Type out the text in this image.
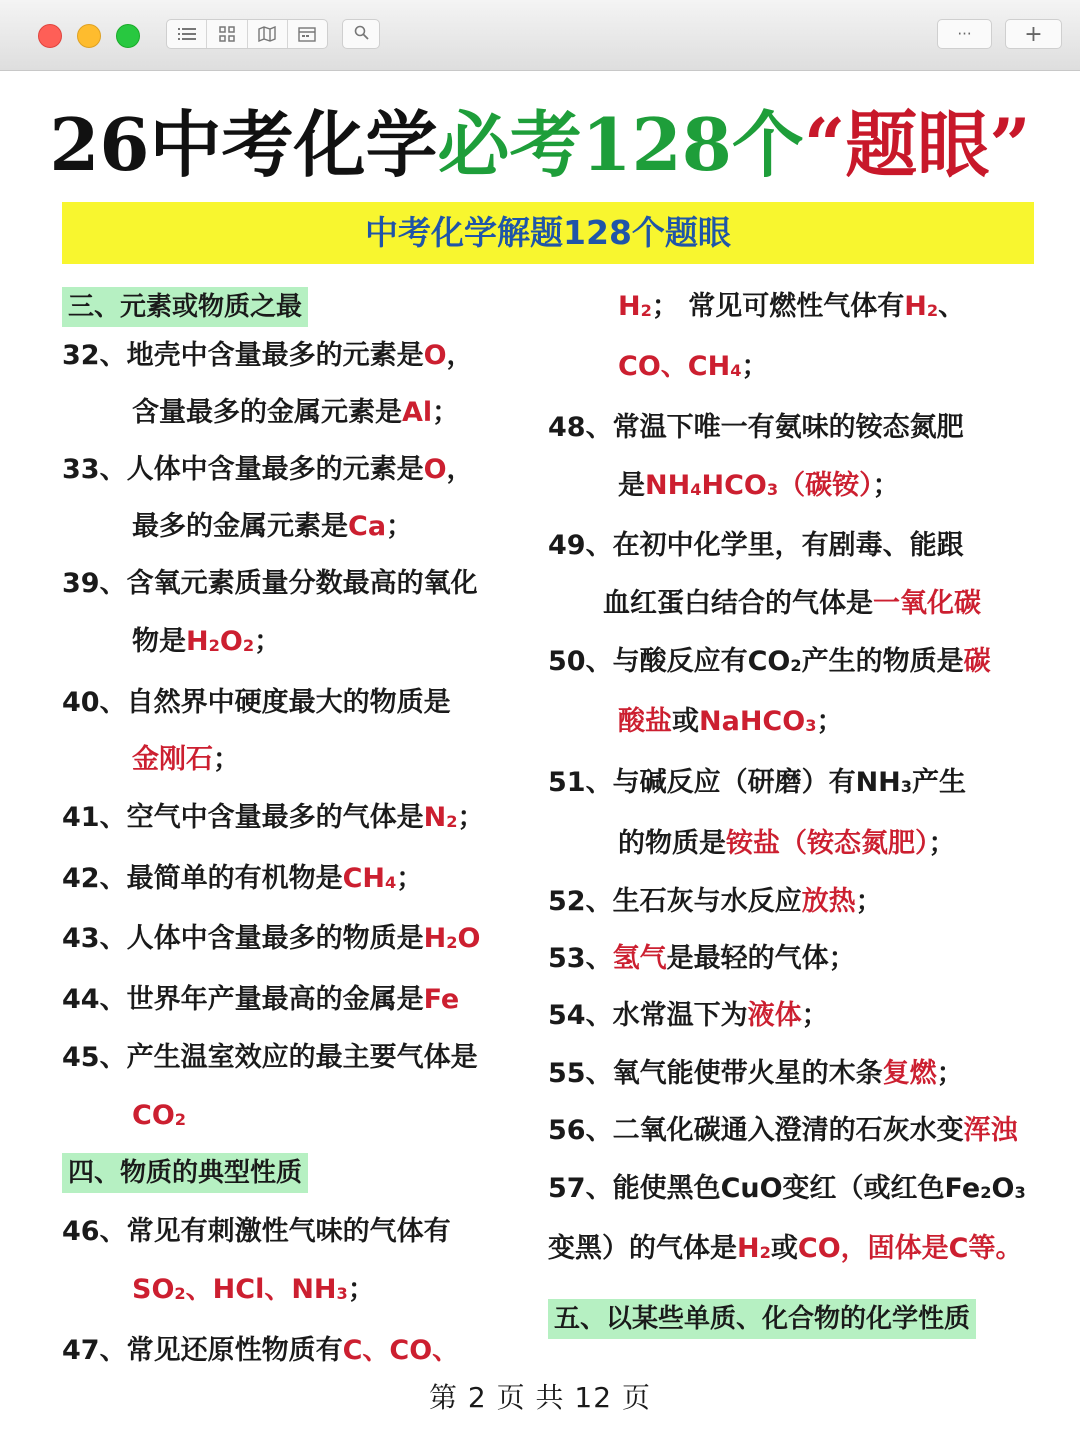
··· +
26中考化学必考128个“题眼”
中考化学解题128个题眼
三、元素或物质之最
32、地壳中含量最多的元素是O，
含量最多的金属元素是Al；
33、人体中含量最多的元素是O，
最多的金属元素是Ca；
39、含氧元素质量分数最高的氧化
物是$H_2O_2$；
40、自然界中硬度最大的物质是
金刚石；
41、空气中含量最多的气体是$N_2$；
42、最简单的有机物是$CH_4$；
43、人体中含量最多的物质是$H_2O$
44、世界年产量最高的金属是Fe
45、产生温室效应的最主要气体是
$CO_2$
四、物质的典型性质
46、常见有刺激性气味的气体有
$SO_2$、HCl、$NH_3$；
47、常见还原性物质有C、CO、
$H_2$； 常见可燃性气体有$H_2$、
CO、$CH_4$；
48、常温下唯一有氨味的铵态氮肥
是$NH_4HCO_3$（碳铵）；
49、在初中化学里，有剧毒、能跟
血红蛋白结合的气体是一氧化碳
50、与酸反应有$CO_2$产生的物质是碳
酸盐或NaHCO$_3$；
51、与碱反应（研磨）有$NH_3$产生
的物质是铵盐（铵态氮肥）；
52、生石灰与水反应放热；
53、氢气是最轻的气体；
54、水常温下为液体；
55、氧气能使带火星的木条复燃；
56、二氧化碳通入澄清的石灰水变浑浊
57、能使黑色CuO变红（或红色$Fe_2O_3$
变黑）的气体是$H_2$或CO，固体是C等。
五、以某些单质、化合物的化学性质
第 2 页 共 12 页
